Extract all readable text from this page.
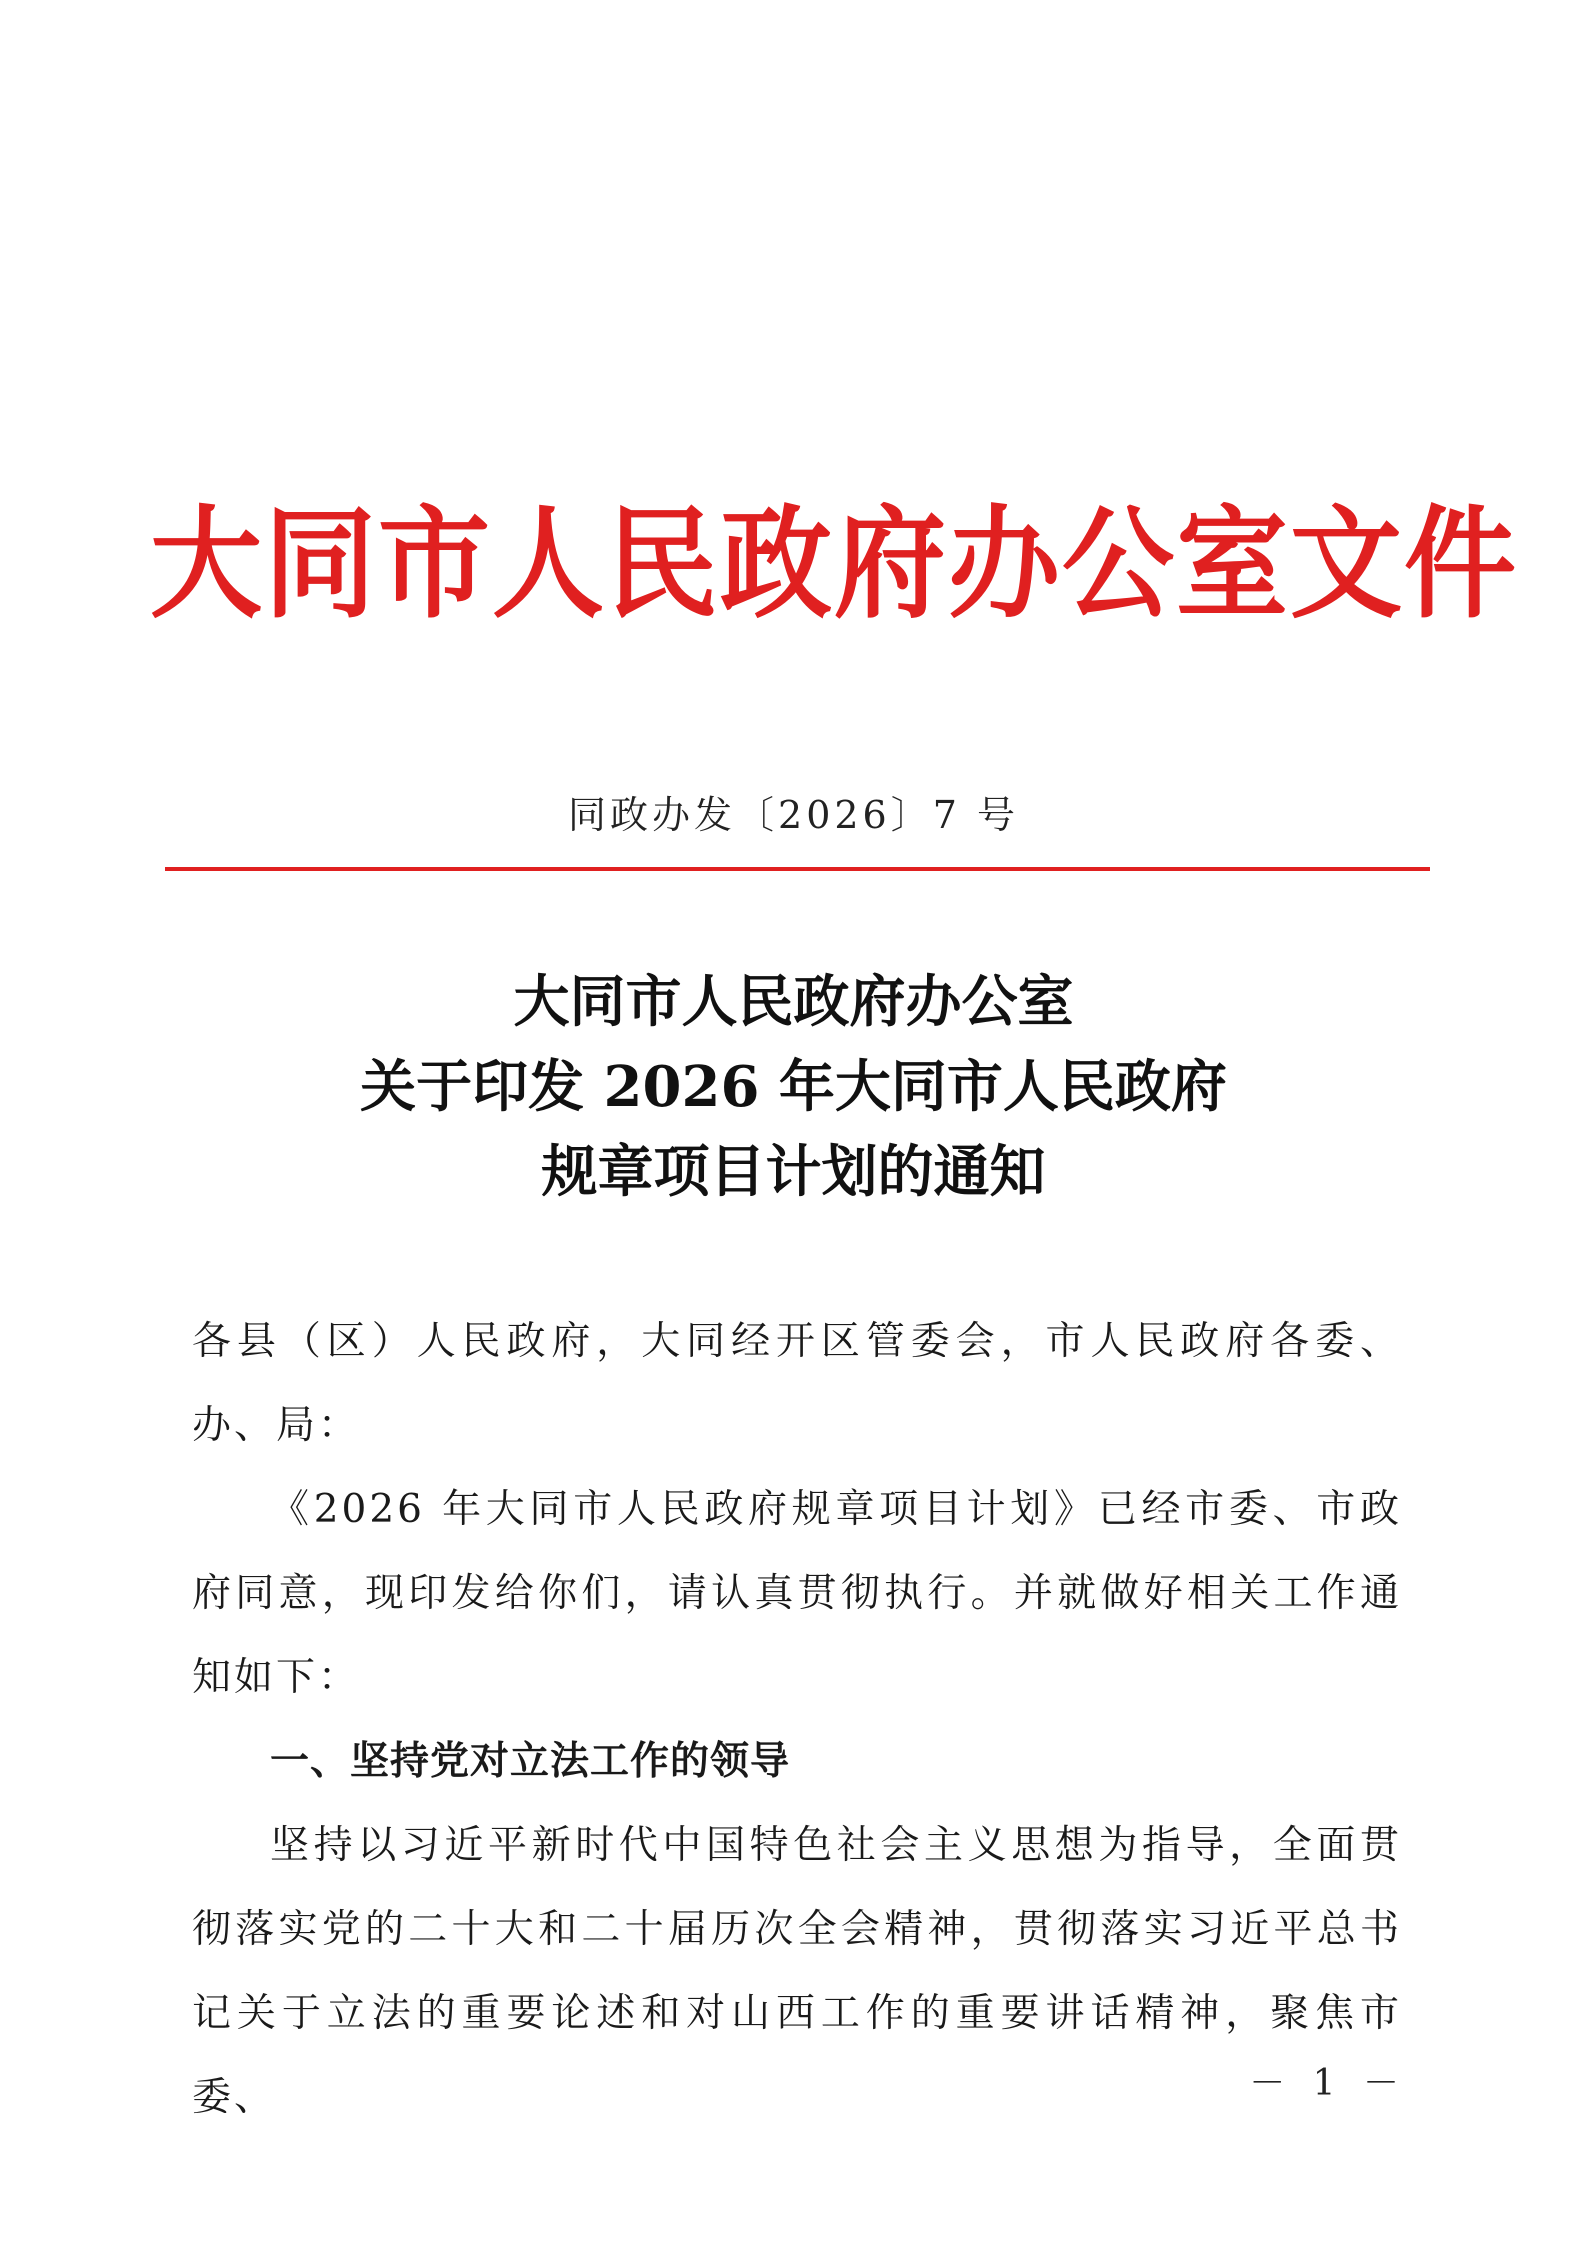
大同市人民政府办公室文件
同政办发〔2026〕7 号
大同市人民政府办公室
关于印发 2026 年大同市人民政府
规章项目计划的通知

各县（区）人民政府，大同经开区管委会，市人民政府各委、办、局：

《2026 年大同市人民政府规章项目计划》已经市委、市政府同意，现印发给你们，请认真贯彻执行。并就做好相关工作通知如下：

一、坚持党对立法工作的领导

坚持以习近平新时代中国特色社会主义思想为指导，全面贯彻落实党的二十大和二十届历次全会精神，贯彻落实习近平总书记关于立法的重要论述和对山西工作的重要讲话精神，聚焦市委、	－ 1 －
